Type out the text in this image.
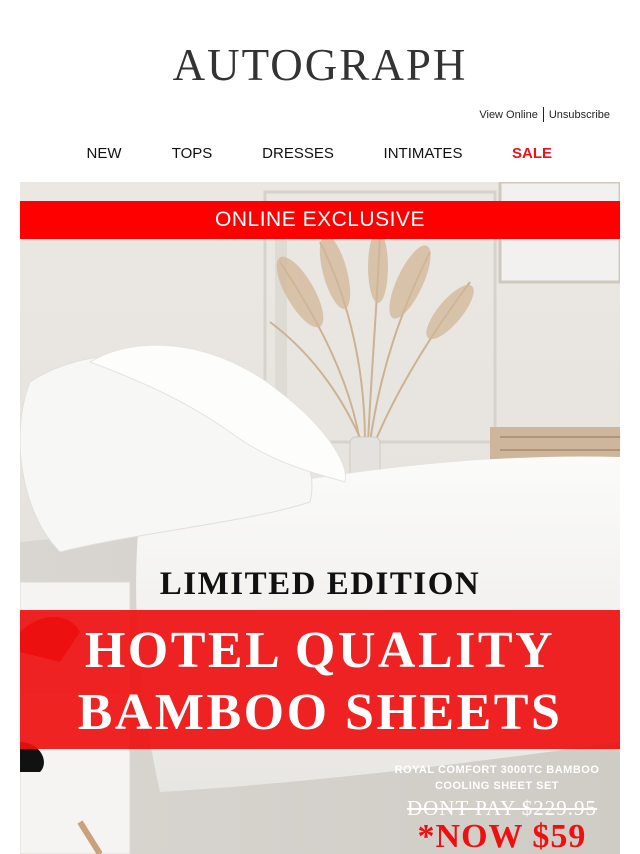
AUTOGRAPH
View Online Unsubscribe
NEW	TOPS	DRESSES	INTIMATES	SALE
ONLINE EXCLUSIVE
LIMITED EDITION
HOTEL QUALITY
BAMBOO SHEETS
ROYAL COMFORT 3000TC BAMBOO
COOLING SHEET SET
DONT PAY $229.95
*NOW $59
